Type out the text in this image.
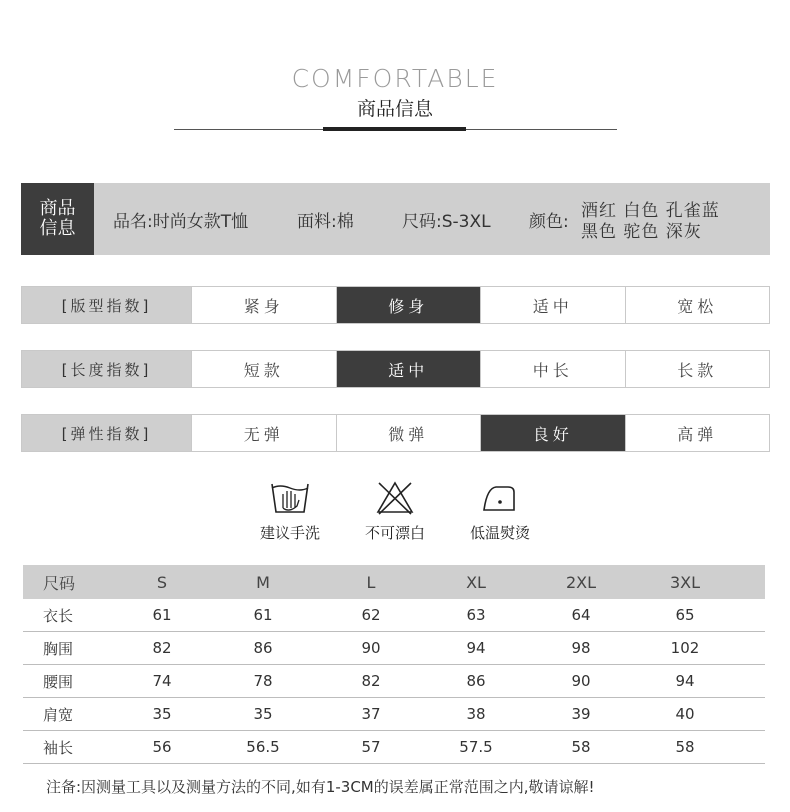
COMFORTABLE
商品信息
商品
信息 品名:时尚女款T恤	面料:棉	尺码:S-3XL 颜色:
酒红 白色 孔雀蓝
黑色 驼色 深灰
[版型指数]	紧身	修身	适中	宽松
[长度指数]	短款	适中	中长	长款
[弹性指数]	无弹	微弹	良好	高弹
建议手洗	不可漂白	低温熨烫
尺码	S	M	L	XL	2XL	3XL
衣长	61	61	62	63	64	65
胸围	82	86	90	94	98	102
腰围	74	78	82	86	90	94
肩宽	35	35	37	38	39	40
袖长	56	56.5	57	57.5	58	58
注备:因测量工具以及测量方法的不同,如有1-3CM的误差属正常范围之内,敬请谅解!
